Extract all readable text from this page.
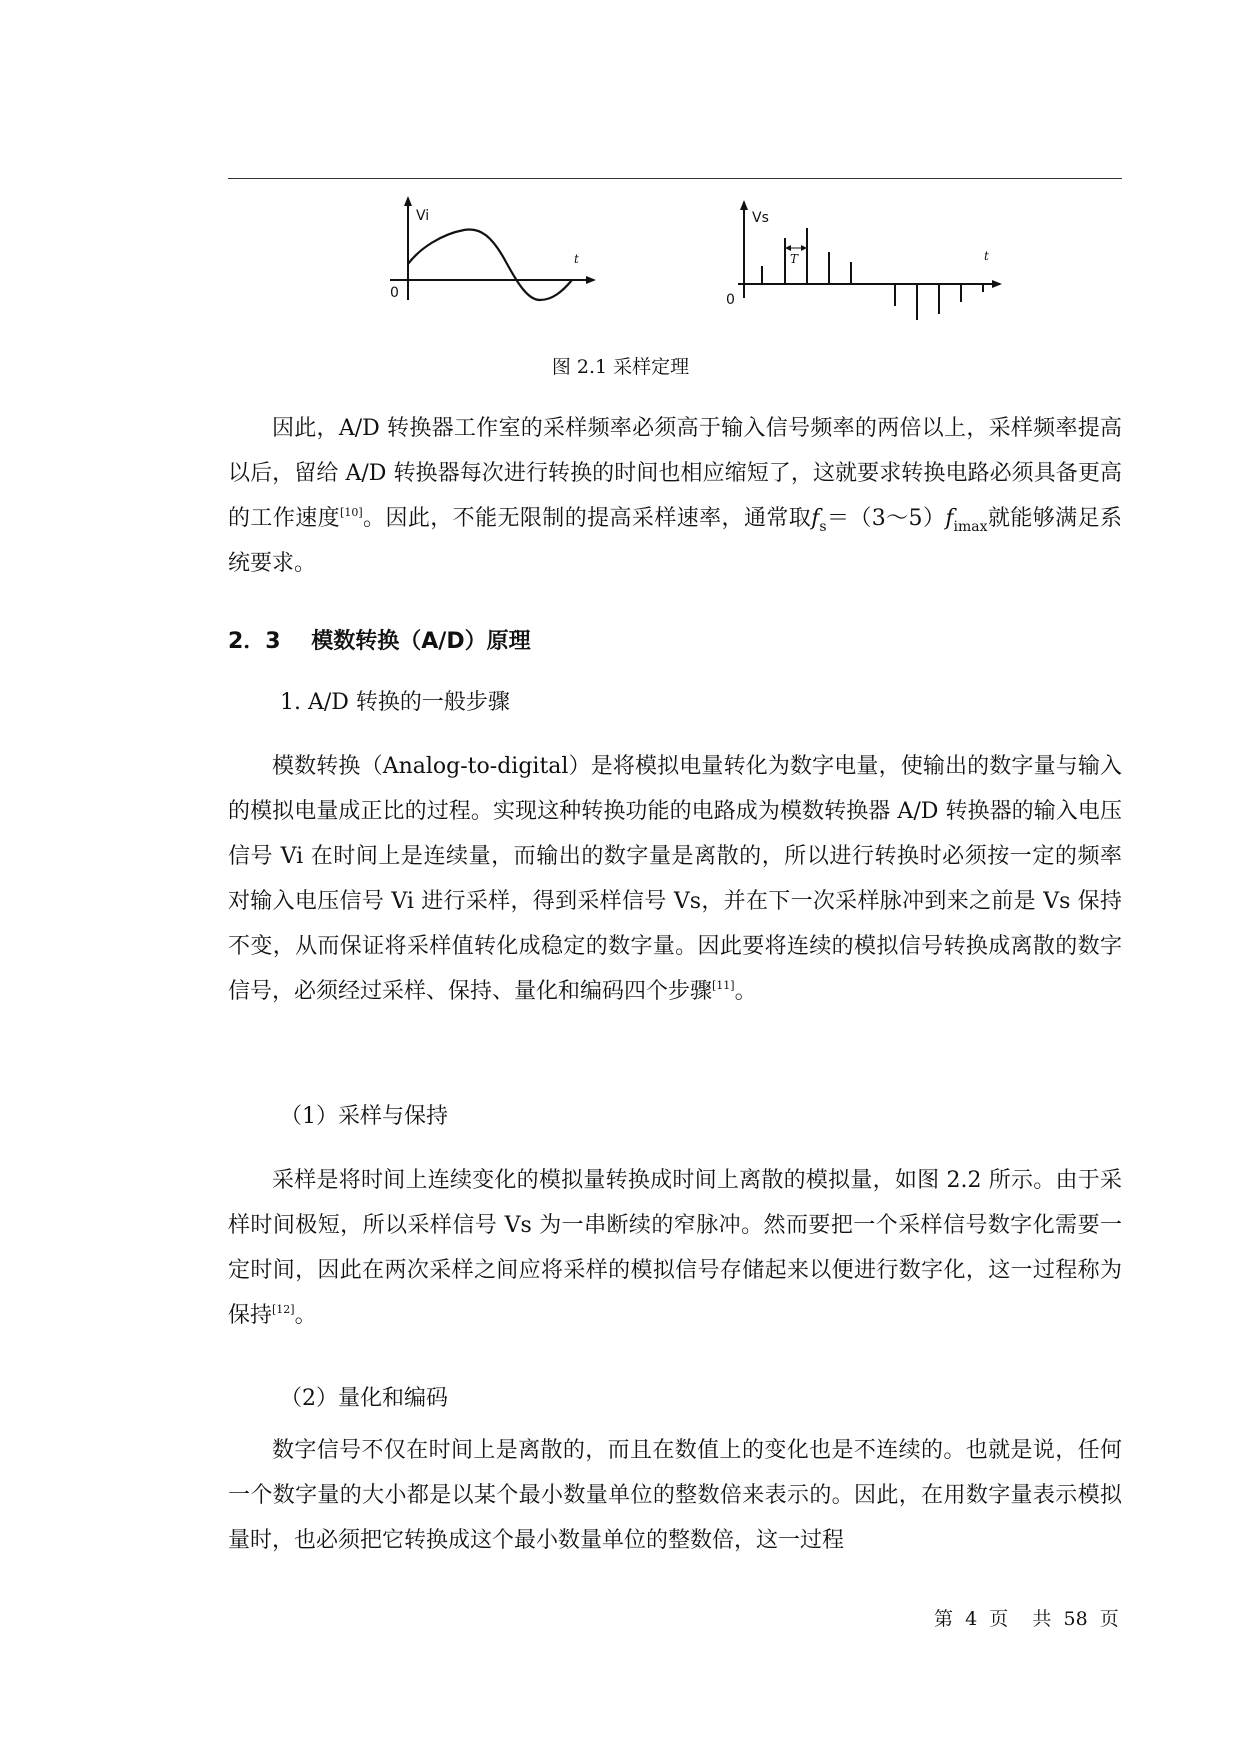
Vi
t
0
Vs
T	t
0
图 2.1 采样定理
因此，A/D 转换器工作室的采样频率必须高于输入信号频率的两倍以上，采样频率提高以后，留给 A/D 转换器每次进行转换的时间也相应缩短了，这就要求转换电路必须具备更高的工作速度[10]。因此，不能无限制的提高采样速率，通常取$f_s=(3\sim 5)f_{imax}$就能够满足系统要求。
2．3    模数转换（A/D）原理
1. A/D 转换的一般步骤
模数转换（Analog-to-digital）是将模拟电量转化为数字电量，使输出的数字量与输入的模拟电量成正比的过程。实现这种转换功能的电路成为模数转换器 A/D 转换器的输入电压信号 Vi 在时间上是连续量，而输出的数字量是离散的，所以进行转换时必须按一定的频率对输入电压信号 Vi 进行采样，得到采样信号 Vs，并在下一次采样脉冲到来之前是 Vs 保持不变，从而保证将采样值转化成稳定的数字量。因此要将连续的模拟信号转换成离散的数字信号，必须经过采样、保持、量化和编码四个步骤[11]。
（1）采样与保持
采样是将时间上连续变化的模拟量转换成时间上离散的模拟量，如图 2.2 所示。由于采样时间极短，所以采样信号 Vs 为一串断续的窄脉冲。然而要把一个采样信号数字化需要一定时间，因此在两次采样之间应将采样的模拟信号存储起来以便进行数字化，这一过程称为保持[12]。
（2）量化和编码
数字信号不仅在时间上是离散的，而且在数值上的变化也是不连续的。也就是说，任何一个数字量的大小都是以某个最小数量单位的整数倍来表示的。因此，在用数字量表示模拟量时，也必须把它转换成这个最小数量单位的整数倍，这一过程
第  4  页    共  58  页
